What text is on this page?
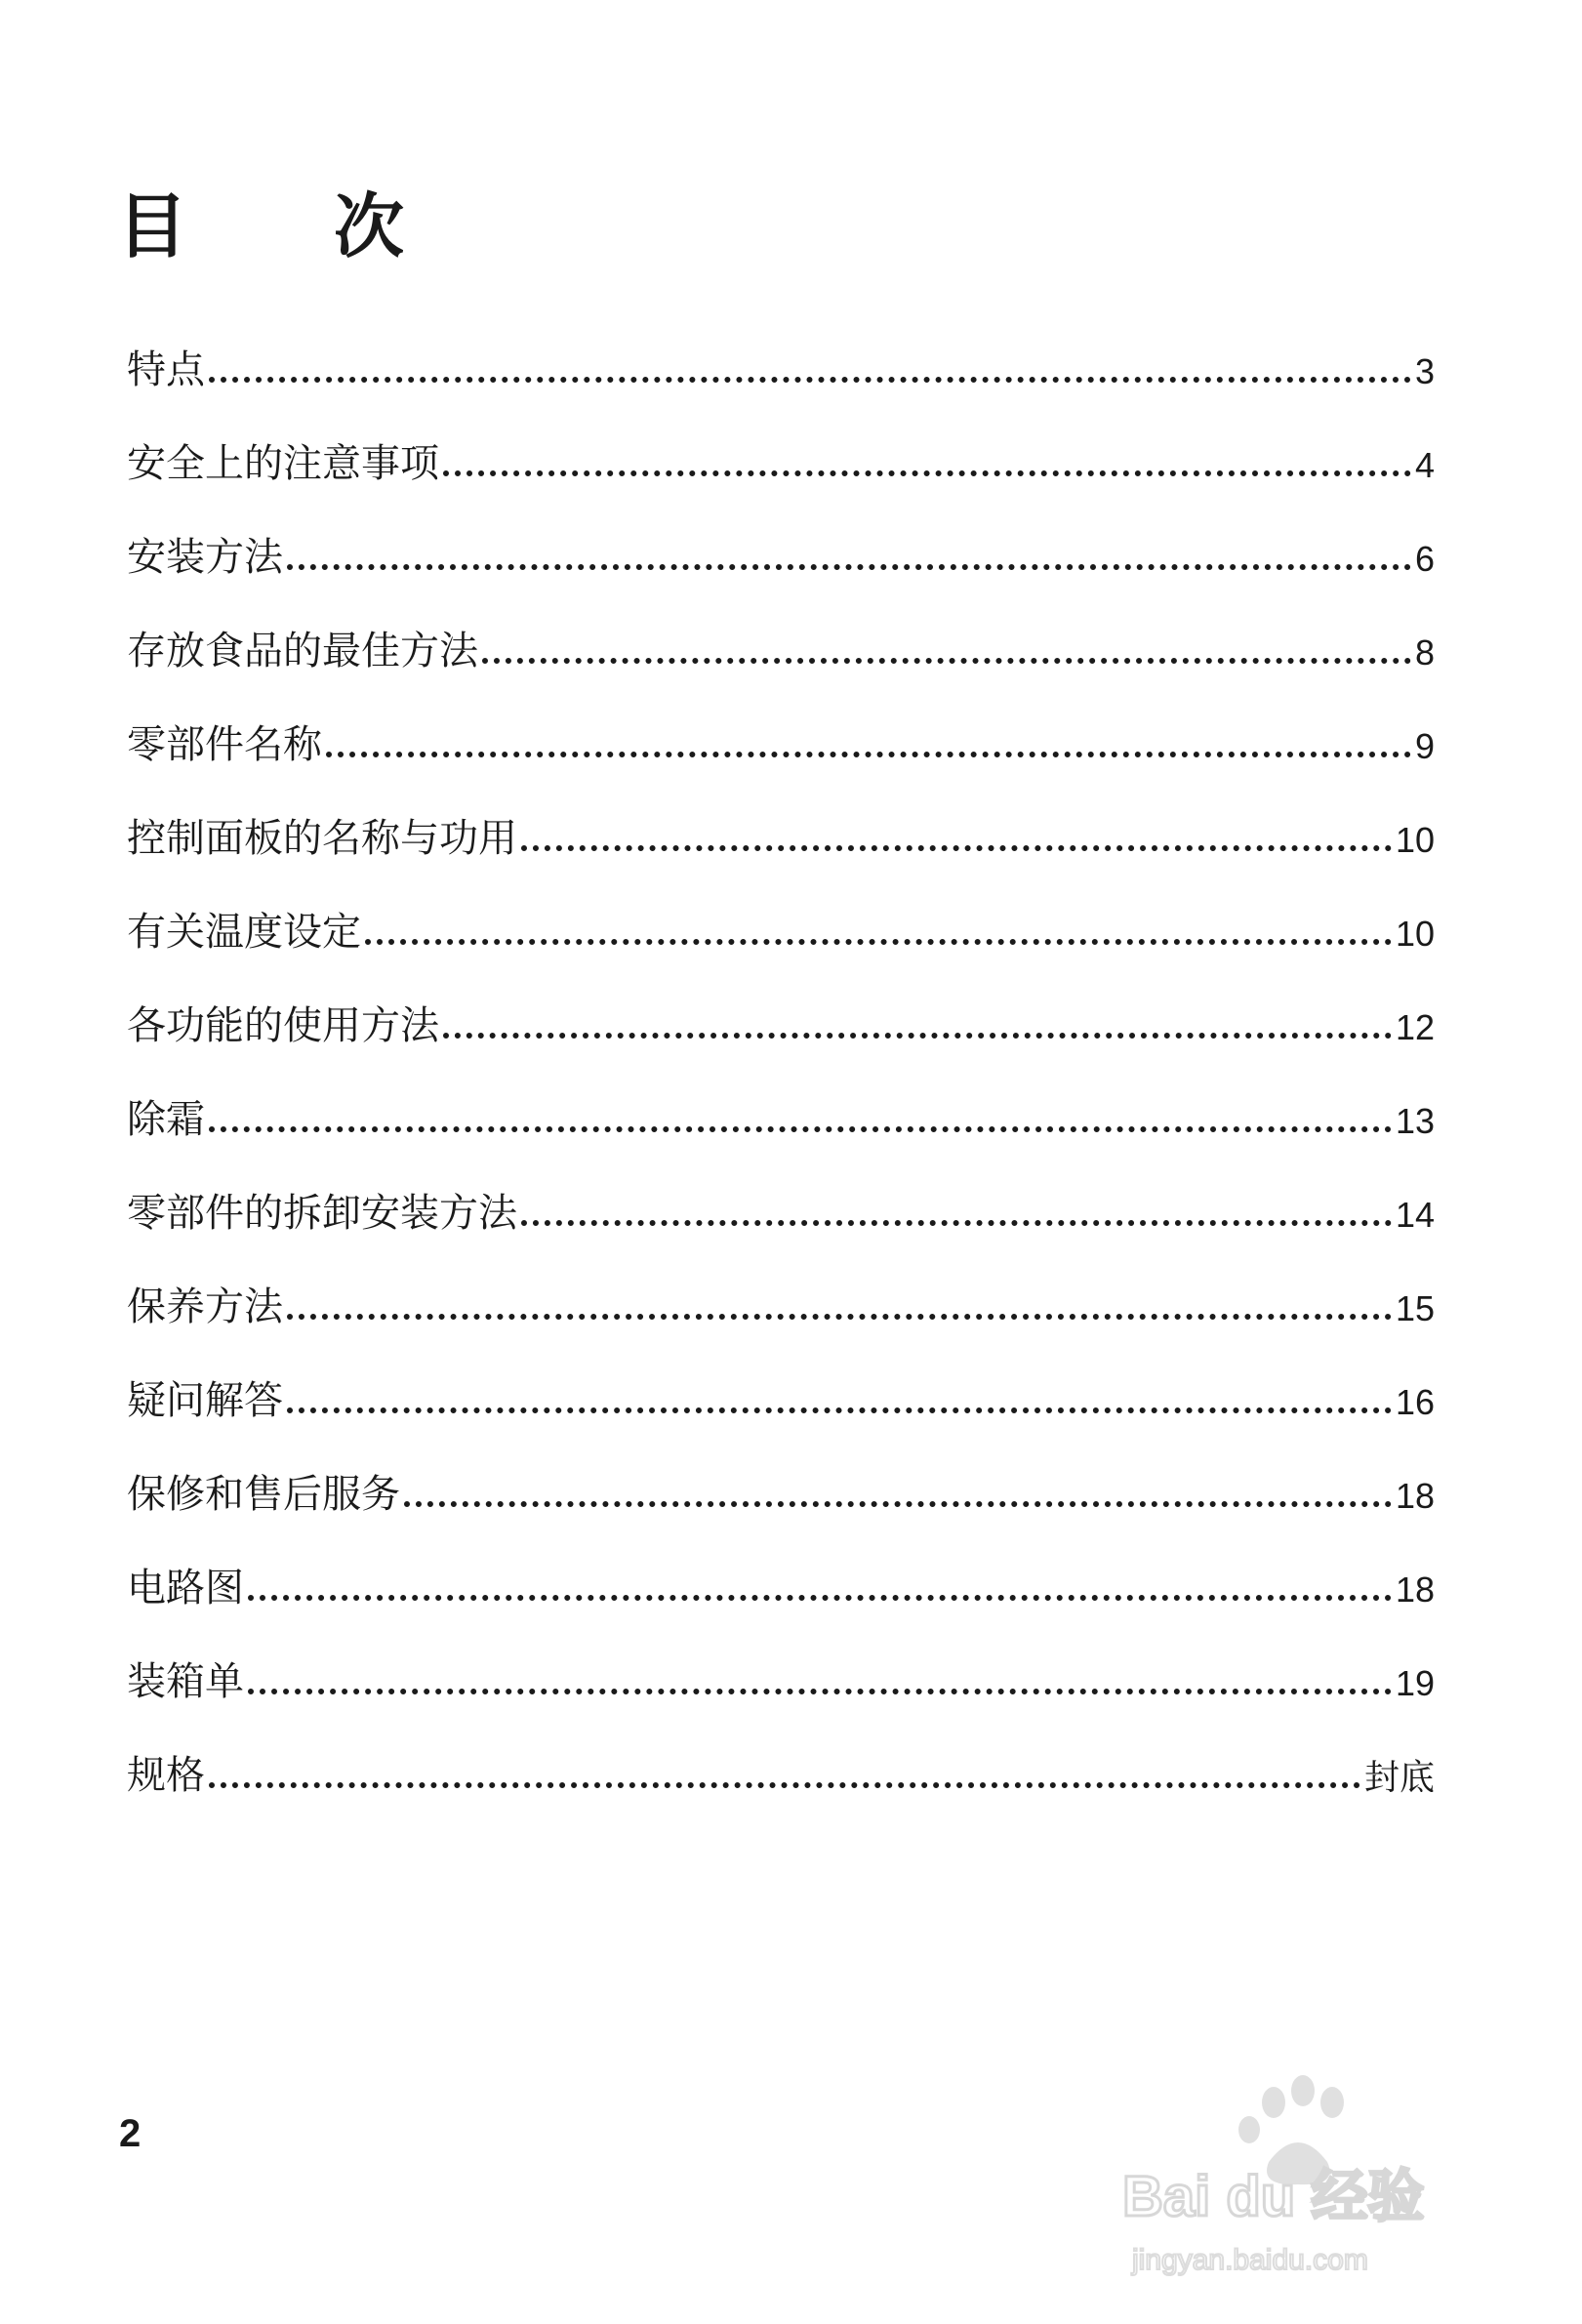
目 次
特点	3
安全上的注意事项	4
安装方法	6
存放食品的最佳方法	8
零部件名称	9
控制面板的名称与功用	10
有关温度设定	10
各功能的使用方法	12
除霜	13
零部件的拆卸安装方法	14
保养方法	15
疑问解答	16
保修和售后服务	18
电路图	18
装箱单	19
规格	封底
2
Bai du 经验
jingyan.baidu.com
